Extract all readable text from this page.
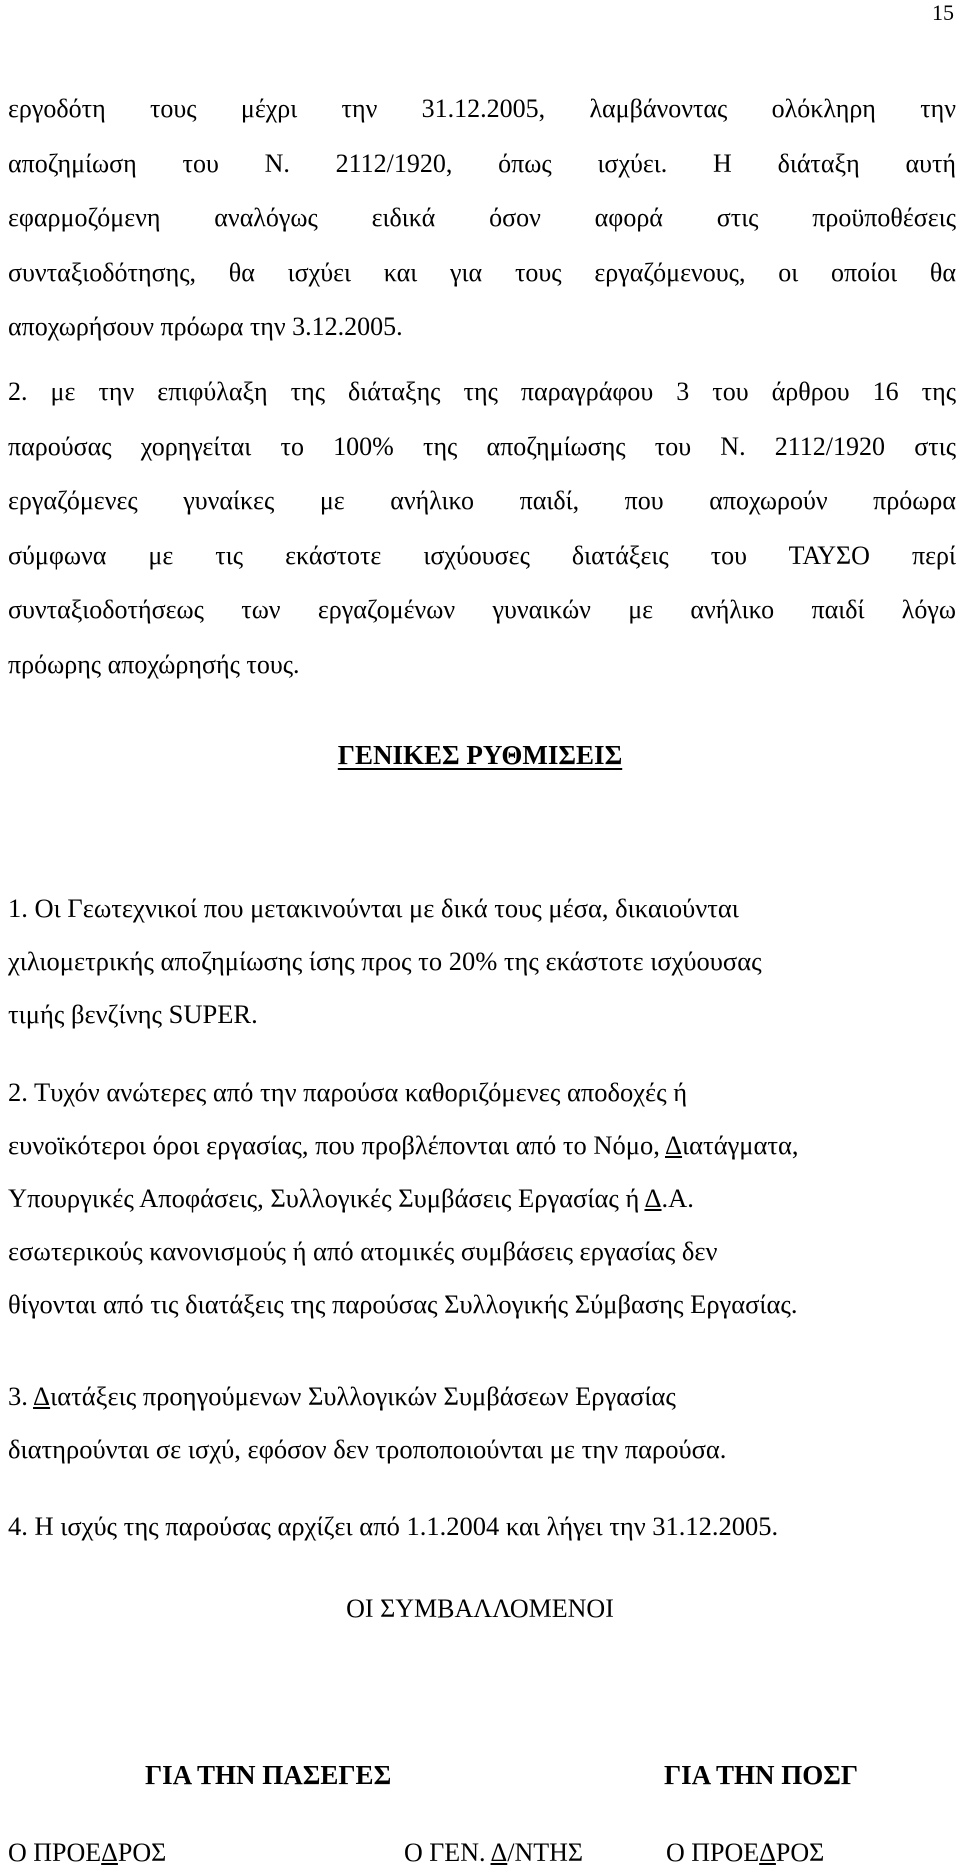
15

εργοδότη τους μέχρι την 31.12.2005, λαμβάνοντας ολόκληρη την
αποζημίωση του Ν. 2112/1920, όπως ισχύει. Η διάταξη αυτή
εφαρμοζόμενη αναλόγως ειδικά όσον αφορά στις προϋποθέσεις
συνταξιοδότησης, θα ισχύει και για τους εργαζόμενους, οι οποίοι θα
αποχωρήσουν πρόωρα την 3.12.2005.

2. με την επιφύλαξη της διάταξης της παραγράφου 3 του άρθρου 16 της
παρούσας χορηγείται το 100% της αποζημίωσης του Ν. 2112/1920 στις
εργαζόμενες γυναίκες με ανήλικο παιδί, που αποχωρούν πρόωρα
σύμφωνα με τις εκάστοτε ισχύουσες διατάξεις του ΤΑΥΣΟ περί
συνταξιοδοτήσεως των εργαζομένων γυναικών με ανήλικο παιδί λόγω
πρόωρης αποχώρησής τους.

ΓΕΝΙΚΕΣ ΡΥΘΜΙΣΕΙΣ
1. Οι Γεωτεχνικοί που μετακινούνται με δικά τους μέσα, δικαιούνται
χιλιομετρικής αποζημίωσης ίσης προς το 20% της εκάστοτε ισχύουσας
τιμής βενζίνης SUPER.
2. Τυχόν ανώτερες από την παρούσα καθοριζόμενες αποδοχές ή
ευνοϊκότεροι όροι εργασίας, που προβλέπονται από το Νόμο, Διατάγματα,
Υπουργικές Αποφάσεις, Συλλογικές Συμβάσεις Εργασίας ή Δ.Α.
εσωτερικούς κανονισμούς ή από ατομικές συμβάσεις εργασίας δεν
θίγονται από τις διατάξεις της παρούσας Συλλογικής Σύμβασης Εργασίας.
3. Διατάξεις προηγούμενων Συλλογικών Συμβάσεων Εργασίας
διατηρούνται σε ισχύ, εφόσον δεν τροποποιούνται με την παρούσα.
4. Η ισχύς της παρούσας αρχίζει από 1.1.2004 και λήγει την 31.12.2005.

ΟΙ ΣΥΜΒΑΛΛΟΜΕΝΟΙ

ΓΙΑ ΤΗΝ ΠΑΣΕΓΕΣ	ΓΙΑ ΤΗΝ ΠΟΣΓ

Ο ΠΡΟΕΔΡΟΣ	Ο ΓΕΝ. Δ/ΝΤΗΣ	Ο ΠΡΟΕΔΡΟΣ
